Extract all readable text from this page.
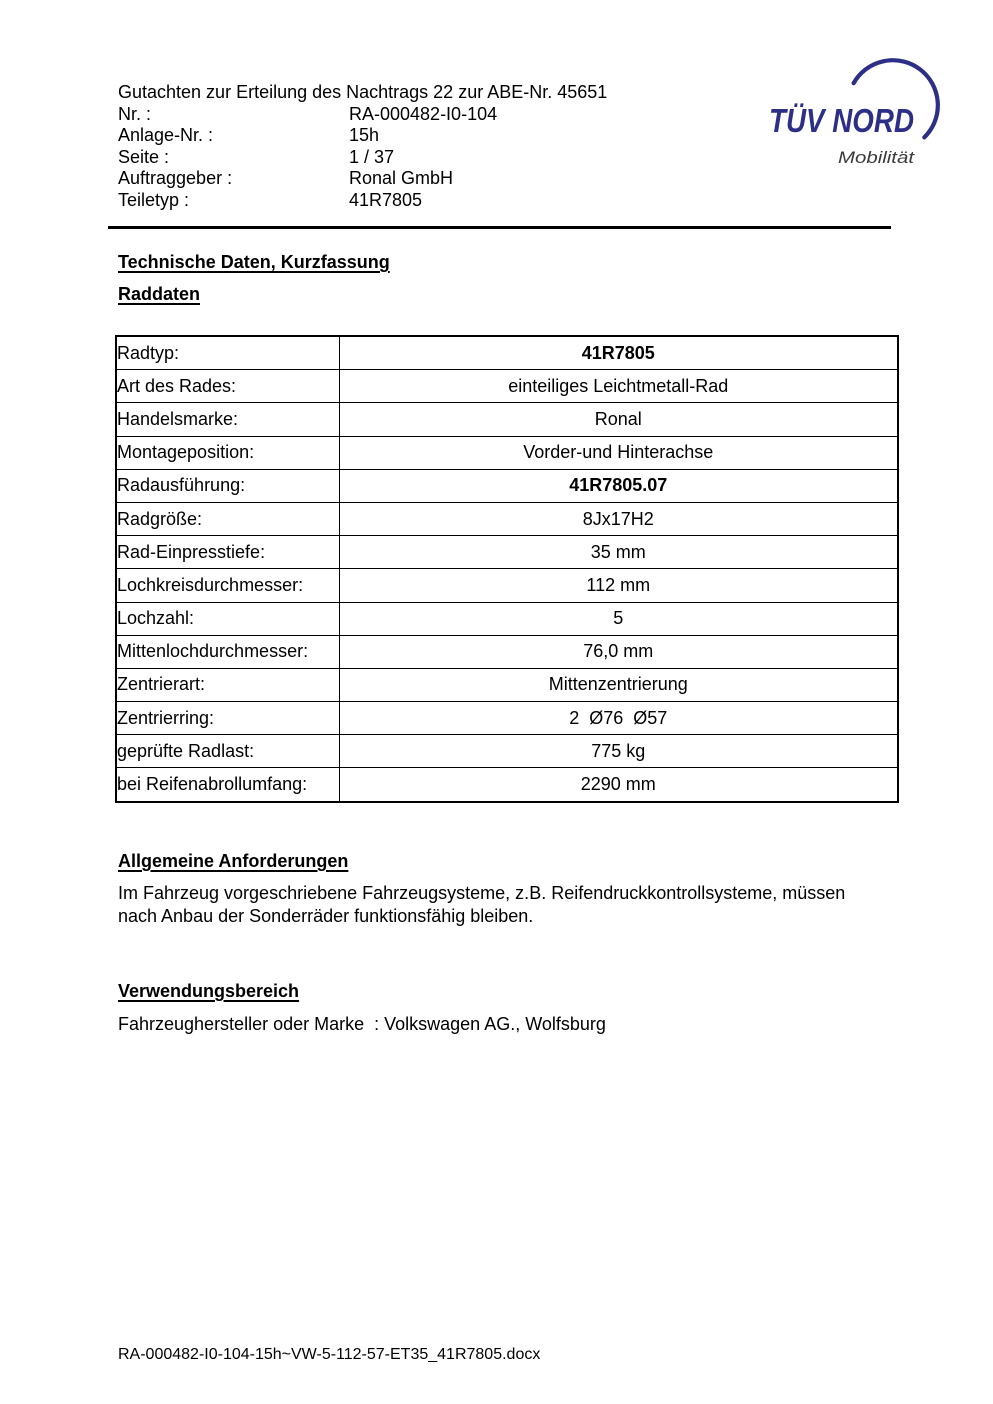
Gutachten zur Erteilung des Nachtrags 22 zur ABE-Nr. 45651
Nr. :	RA-000482-I0-104
Anlage-Nr. :	15h
Seite :	1 / 37
Auftraggeber :	Ronal GmbH
Teiletyp :	41R7805
TÜV NORD
Mobilität
Technische Daten, Kurzfassung
Raddaten
Radtyp:	41R7805
Art des Rades:	einteiliges Leichtmetall-Rad
Handelsmarke:	Ronal
Montageposition:	Vorder-und Hinterachse
Radausführung:	41R7805.07
Radgröße:	8Jx17H2
Rad-Einpresstiefe:	35 mm
Lochkreisdurchmesser:	112 mm
Lochzahl:	5
Mittenlochdurchmesser:	76,0 mm
Zentrierart:	Mittenzentrierung
Zentrierring:	2  Ø76  Ø57
geprüfte Radlast:	775 kg
bei Reifenabrollumfang:	2290 mm
Allgemeine Anforderungen
Im Fahrzeug vorgeschriebene Fahrzeugsysteme, z.B. Reifendruckkontrollsysteme, müssen nach Anbau der Sonderräder funktionsfähig bleiben.
Verwendungsbereich
Fahrzeughersteller oder Marke  : Volkswagen AG., Wolfsburg
RA-000482-I0-104-15h~VW-5-112-57-ET35_41R7805.docx
